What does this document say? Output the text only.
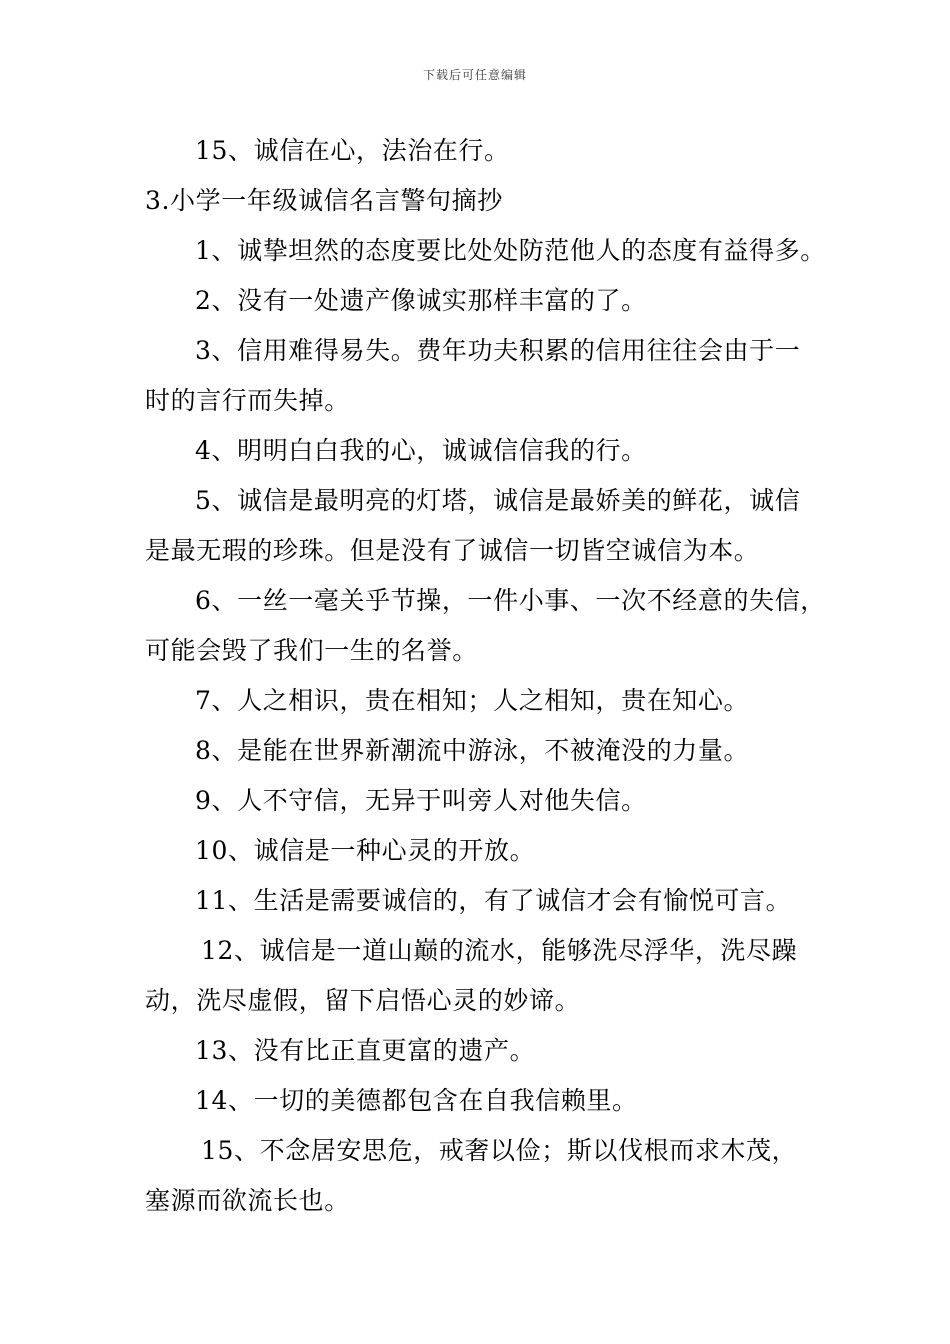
下载后可任意编辑

15、诚信在心，法治在行。

3.小学一年级诚信名言警句摘抄

1、诚挚坦然的态度要比处处防范他人的态度有益得多。

2、没有一处遗产像诚实那样丰富的了。

3、信用难得易失。费年功夫积累的信用往往会由于一

时的言行而失掉。

4、明明白白我的心，诚诚信信我的行。

5、诚信是最明亮的灯塔，诚信是最娇美的鲜花，诚信

是最无瑕的珍珠。但是没有了诚信一切皆空诚信为本。

6、一丝一毫关乎节操，一件小事、一次不经意的失信，

可能会毁了我们一生的名誉。

7、人之相识，贵在相知；人之相知，贵在知心。

8、是能在世界新潮流中游泳，不被淹没的力量。

9、人不守信，无异于叫旁人对他失信。

10、诚信是一种心灵的开放。

11、生活是需要诚信的，有了诚信才会有愉悦可言。

12、诚信是一道山巅的流水，能够洗尽浮华，洗尽躁

动，洗尽虚假，留下启悟心灵的妙谛。

13、没有比正直更富的遗产。

14、一切的美德都包含在自我信赖里。

15、不念居安思危，戒奢以俭；斯以伐根而求木茂，

塞源而欲流长也。
